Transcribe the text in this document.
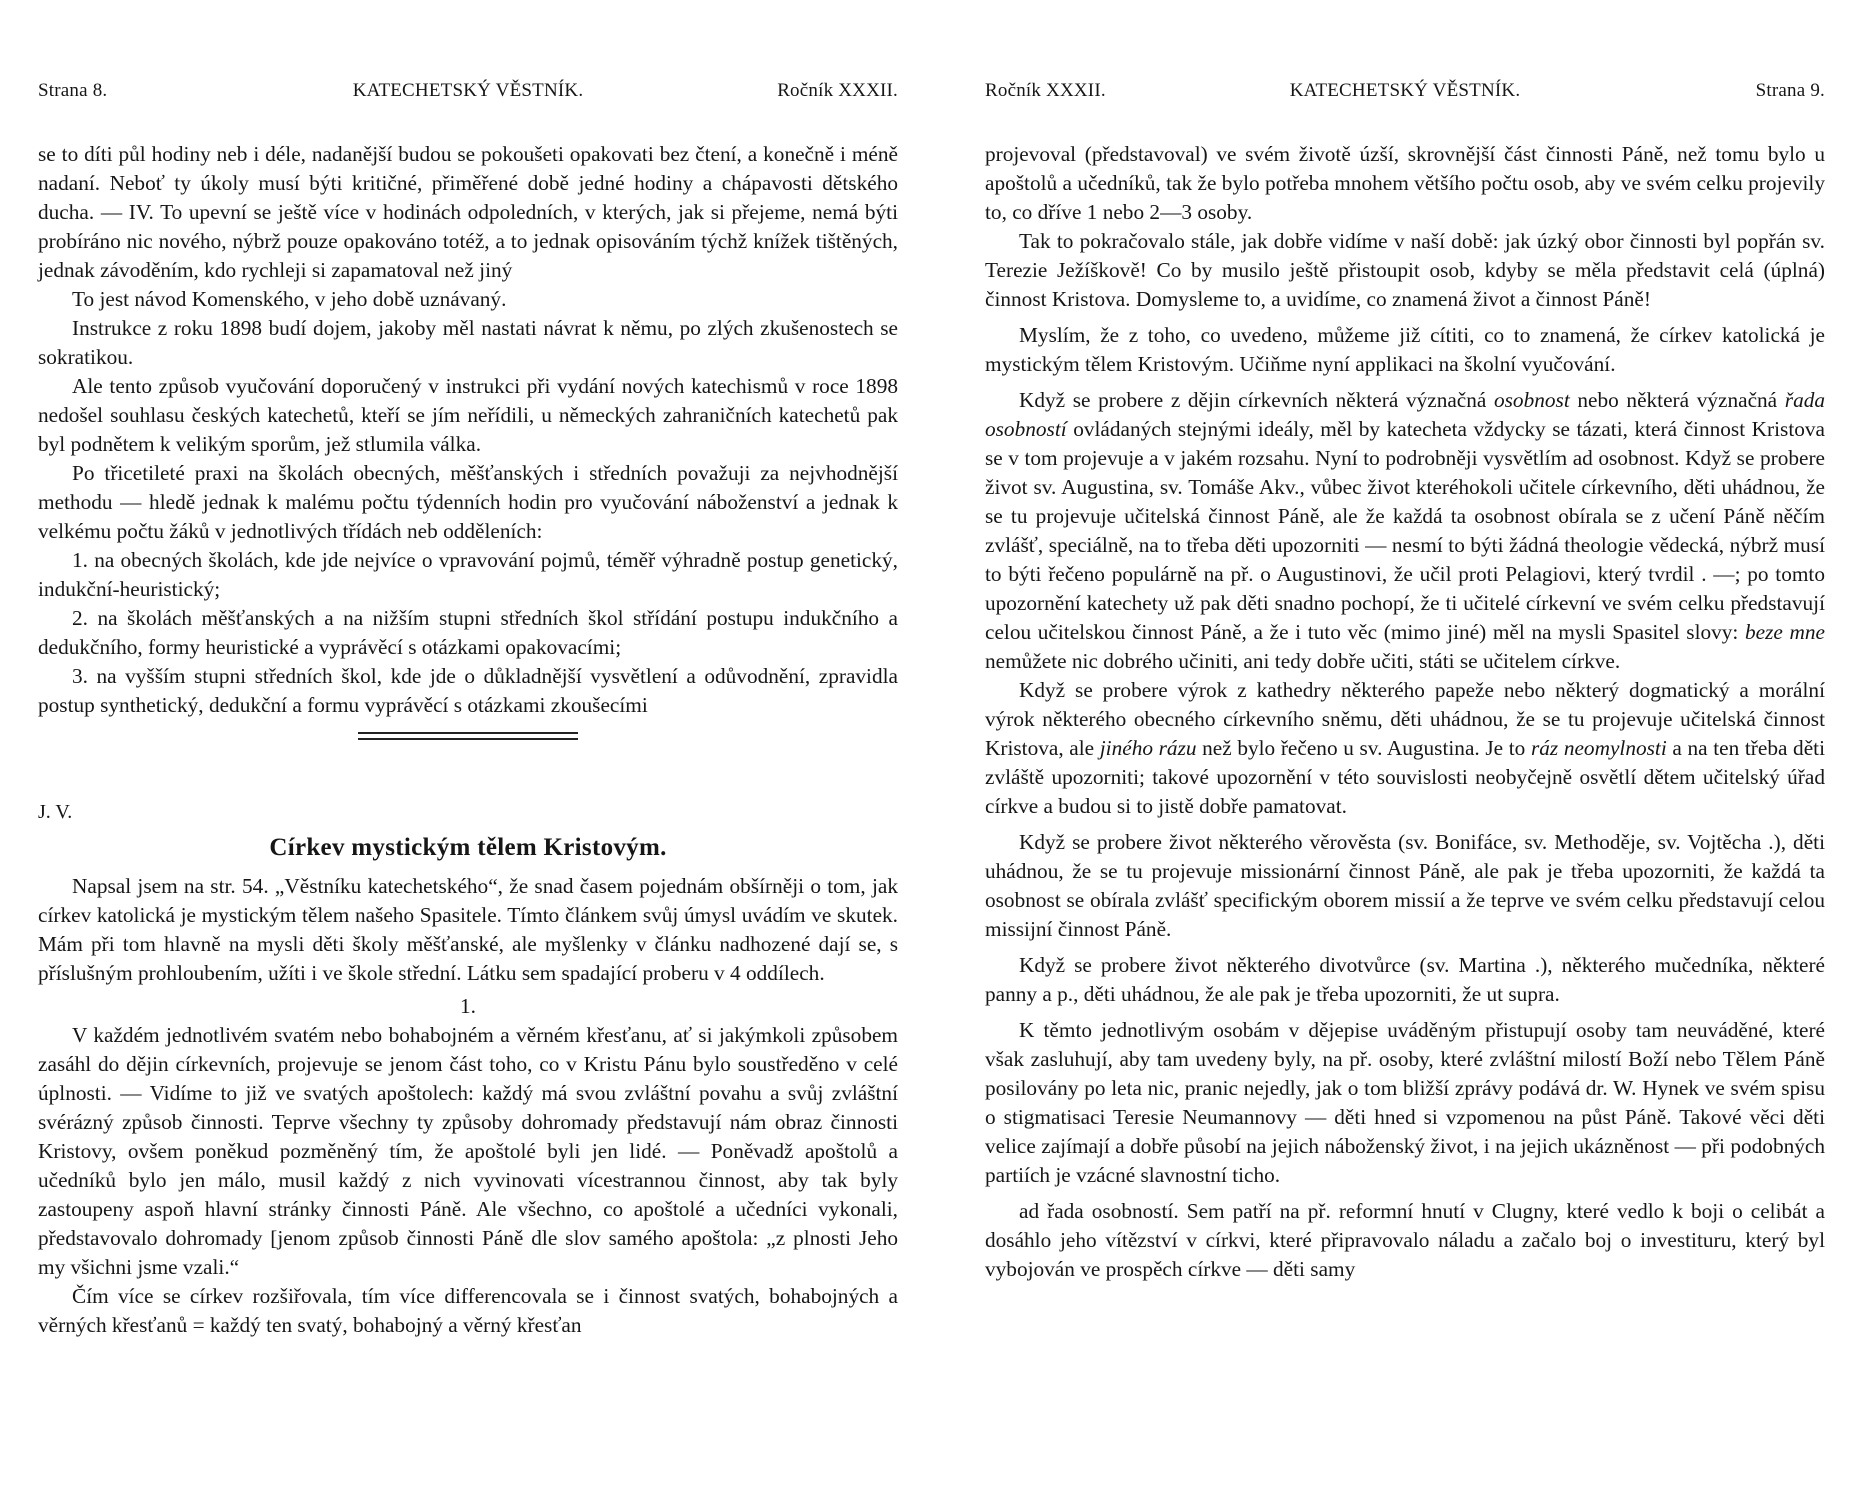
Strana 8.	KATECHETSKÝ VĚSTNÍK.	Ročník XXXII.

se to díti půl hodiny neb i déle, nadanější budou se pokoušeti opakovati bez čtení, a konečně i méně nadaní. Neboť ty úkoly musí býti kritičné, přiměřené době jedné hodiny a chápavosti dětského ducha. — IV. To upevní se ještě více v hodinách odpoledních, v kterých, jak si přejeme, nemá býti probíráno nic nového, nýbrž pouze opakováno totéž, a to jednak opisováním týchž knížek tištěných, jednak závoděním, kdo rychleji si zapamatoval než jiný

To jest návod Komenského, v jeho době uznávaný.

Instrukce z roku 1898 budí dojem, jakoby měl nastati návrat k němu, po zlých zkušenostech se sokratikou.

Ale tento způsob vyučování doporučený v instrukci při vydání nových katechismů v roce 1898 nedošel souhlasu českých katechetů, kteří se jím neřídili, u německých zahraničních katechetů pak byl podnětem k velikým sporům, jež stlumila válka.

Po třicetileté praxi na školách obecných, měšťanských i středních považuji za nejvhodnější methodu — hledě jednak k malému počtu týdenních hodin pro vyučování náboženství a jednak k velkému počtu žáků v jednotlivých třídách neb odděleních:

1. na obecných školách, kde jde nejvíce o vpravování pojmů, téměř výhradně postup genetický, indukční-heuristický;

2. na školách měšťanských a na nižším stupni středních škol střídání postupu indukčního a dedukčního, formy heuristické a vyprávěcí s otázkami opakovacími;

3. na vyšším stupni středních škol, kde jde o důkladnější vysvětlení a odůvodnění, zpravidla postup synthetický, dedukční a formu vyprávěcí s otázkami zkoušecími

J. V.
Církev mystickým tělem Kristovým.

Napsal jsem na str. 54. „Věstníku katechetského“, že snad časem pojednám obšírněji o tom, jak církev katolická je mystickým tělem našeho Spasitele. Tímto článkem svůj úmysl uvádím ve skutek. Mám při tom hlavně na mysli děti školy měšťanské, ale myšlenky v článku nadhozené dají se, s příslušným prohloubením, užíti i ve škole střední. Látku sem spadající proberu v 4 oddílech.

1.

V každém jednotlivém svatém nebo bohabojném a věrném křesťanu, ať si jakýmkoli způsobem zasáhl do dějin církevních, projevuje se jenom část toho, co v Kristu Pánu bylo soustředěno v celé úplnosti. — Vidíme to již ve svatých apoštolech: každý má svou zvláštní povahu a svůj zvláštní svérázný způsob činnosti. Teprve všechny ty způsoby dohromady představují nám obraz činnosti Kristovy, ovšem poněkud pozměněný tím, že apoštolé byli jen lidé. — Poněvadž apoštolů a učedníků bylo jen málo, musil každý z nich vyvinovati vícestrannou činnost, aby tak byly zastoupeny aspoň hlavní stránky činnosti Páně. Ale všechno, co apoštolé a učedníci vykonali, představovalo dohromady [jenom způsob činnosti Páně dle slov samého apoštola: „z plnosti Jeho my všichni jsme vzali.“

Čím více se církev rozšiřovala, tím více differencovala se i činnost svatých, bohabojných a věrných křesťanů = každý ten svatý, bohabojný a věrný křesťan

Ročník XXXII.	KATECHETSKÝ VĚSTNÍK.	Strana 9.

projevoval (představoval) ve svém životě úzší, skrovnější část činnosti Páně, než tomu bylo u apoštolů a učedníků, tak že bylo potřeba mnohem většího počtu osob, aby ve svém celku projevily to, co dříve 1 nebo 2—3 osoby.

Tak to pokračovalo stále, jak dobře vidíme v naší době: jak úzký obor činnosti byl popřán sv. Terezie Ježíškově! Co by musilo ještě přistoupit osob, kdyby se měla představit celá (úplná) činnost Kristova. Domysleme to, a uvidíme, co znamená život a činnost Páně!

Myslím, že z toho, co uvedeno, můžeme již cítiti, co to znamená, že církev katolická je mystickým tělem Kristovým. Učiňme nyní applikaci na školní vyučování.

Když se probere z dějin církevních některá význačná osobnost nebo některá význačná řada osobností ovládaných stejnými ideály, měl by katecheta vždycky se tázati, která činnost Kristova se v tom projevuje a v jakém rozsahu. Nyní to podrobněji vysvětlím ad osobnost. Když se probere život sv. Augustina, sv. Tomáše Akv., vůbec život kteréhokoli učitele církevního, děti uhádnou, že se tu projevuje učitelská činnost Páně, ale že každá ta osobnost obírala se z učení Páně něčím zvlášť, speciálně, na to třeba děti upozorniti — nesmí to býti žádná theologie vědecká, nýbrž musí to býti řečeno populárně na př. o Augustinovi, že učil proti Pelagiovi, který tvrdil . —; po tomto upozornění katechety už pak děti snadno pochopí, že ti učitelé církevní ve svém celku představují celou učitelskou činnost Páně, a že i tuto věc (mimo jiné) měl na mysli Spasitel slovy: beze mne nemůžete nic dobrého učiniti, ani tedy dobře učiti, státi se učitelem církve.

Když se probere výrok z kathedry některého papeže nebo některý dogmatický a morální výrok některého obecného církevního sněmu, děti uhádnou, že se tu projevuje učitelská činnost Kristova, ale jiného rázu než bylo řečeno u sv. Augustina. Je to ráz neomylnosti a na ten třeba děti zvláště upozorniti; takové upozornění v této souvislosti neobyčejně osvětlí dětem učitelský úřad církve a budou si to jistě dobře pamatovat.

Když se probere život některého věrověsta (sv. Bonifáce, sv. Methoděje, sv. Vojtěcha .), děti uhádnou, že se tu projevuje missionární činnost Páně, ale pak je třeba upozorniti, že každá ta osobnost se obírala zvlášť specifickým oborem missií a že teprve ve svém celku představují celou missijní činnost Páně.

Když se probere život některého divotvůrce (sv. Martina .), některého mučedníka, některé panny a p., děti uhádnou, že ale pak je třeba upozorniti, že ut supra.

K těmto jednotlivým osobám v dějepise uváděným přistupují osoby tam neuváděné, které však zasluhují, aby tam uvedeny byly, na př. osoby, které zvláštní milostí Boží nebo Tělem Páně posilovány po leta nic, pranic nejedly, jak o tom bližší zprávy podává dr. W. Hynek ve svém spisu o stigmatisaci Teresie Neumannovy — děti hned si vzpomenou na půst Páně. Takové věci děti velice zajímají a dobře působí na jejich náboženský život, i na jejich ukázněnost — při podobných partiích je vzácné slavnostní ticho.

ad řada osobností. Sem patří na př. reformní hnutí v Clugny, které vedlo k boji o celibát a dosáhlo jeho vítězství v církvi, které připravovalo náladu a začalo boj o investituru, který byl vybojován ve prospěch církve — děti samy
